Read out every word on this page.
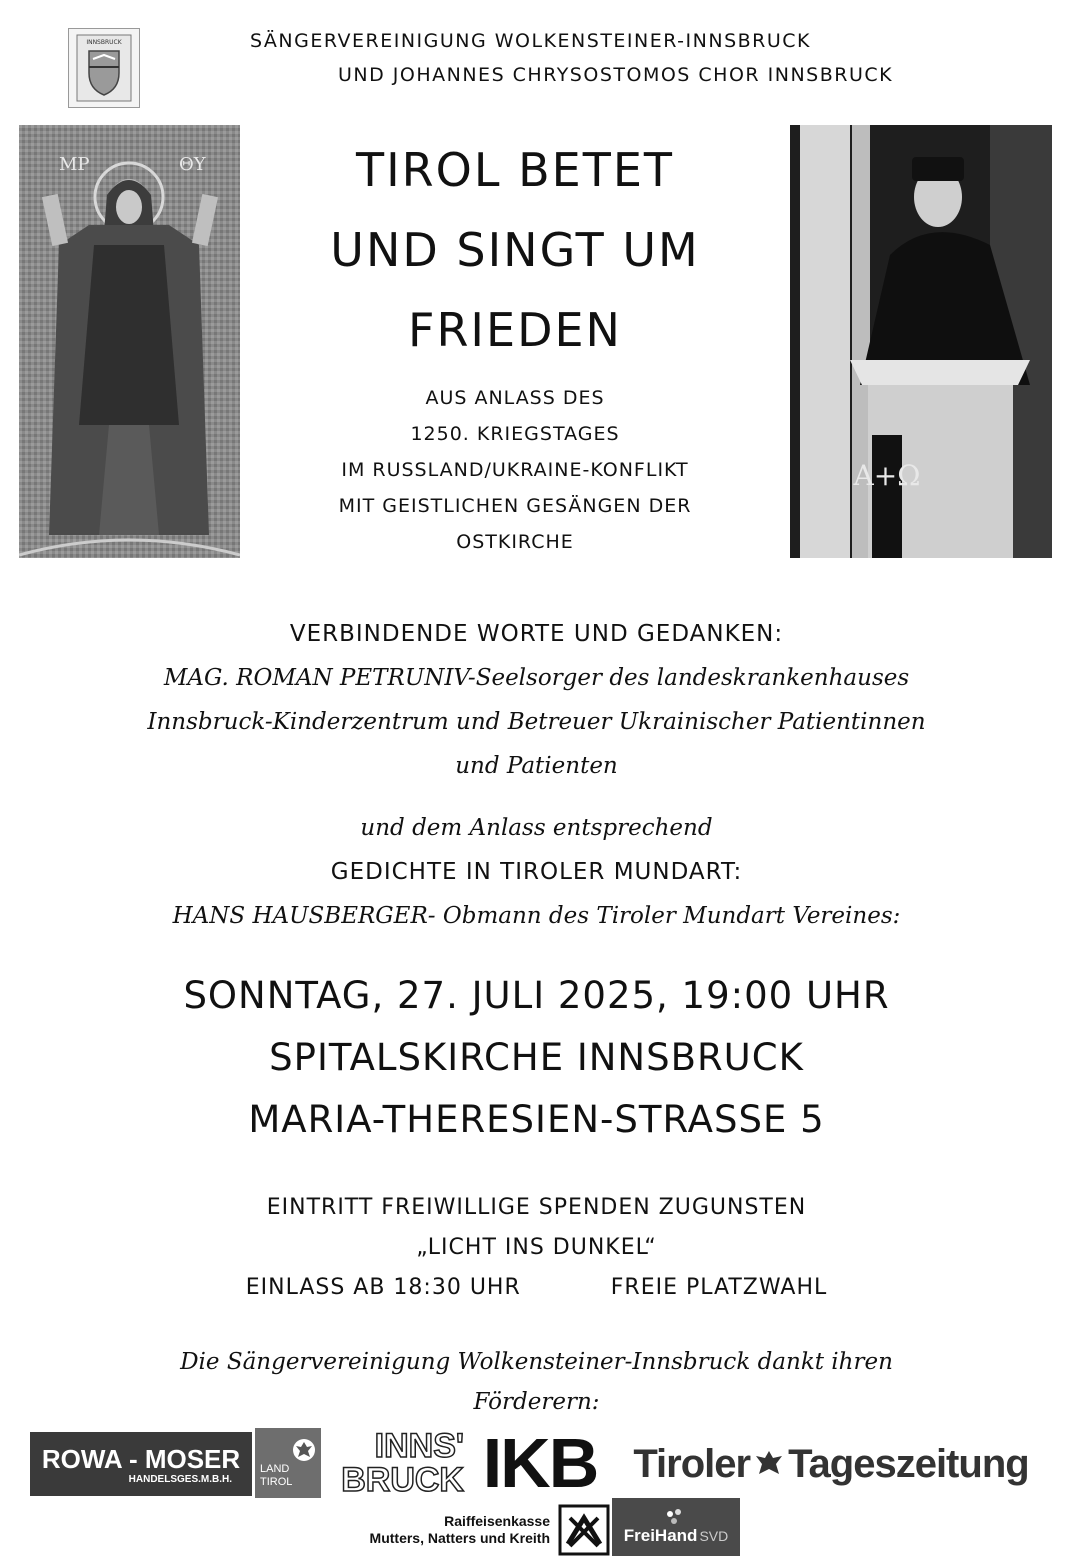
INNSBRUCK	SÄNGERVEREINIGUNG WOLKENSTEINER-INNSBRUCK
UND JOHANNES CHRYSOSTOMOS CHOR INNSBRUCK
ΜΡ	ΘΥ
A+Ω
TIROL BETET
UND SINGT UM
FRIEDEN
AUS ANLASS DES
1250. KRIEGSTAGES
IM RUSSLAND/UKRAINE-KONFLIKT
MIT GEISTLICHEN GESÄNGEN DER
OSTKIRCHE
VERBINDENDE WORTE UND GEDANKEN:
MAG. ROMAN PETRUNIV-Seelsorger des landeskrankenhauses
Innsbruck-Kinderzentrum und Betreuer Ukrainischer Patientinnen
und Patienten
und dem Anlass entsprechend
GEDICHTE IN TIROLER MUNDART:
HANS HAUSBERGER- Obmann des Tiroler Mundart Vereines:
SONNTAG, 27. JULI 2025, 19:00 UHR
SPITALSKIRCHE INNSBRUCK
MARIA-THERESIEN-STRASSE 5
EINTRITT FREIWILLIGE SPENDEN ZUGUNSTEN
„LICHT INS DUNKEL“
EINLASS AB 18:30 UHR	FREIE PLATZWAHL
Die Sängervereinigung Wolkensteiner-Innsbruck dankt ihren
Förderern:
ROWA - MOSER
HANDELSGES.M.B.H.
LAND
TIROL
INNS'
BRUCK IKB Tiroler Tageszeitung
Raiffeisenkasse
Mutters, Natters und Kreith	FreiHand SVD
